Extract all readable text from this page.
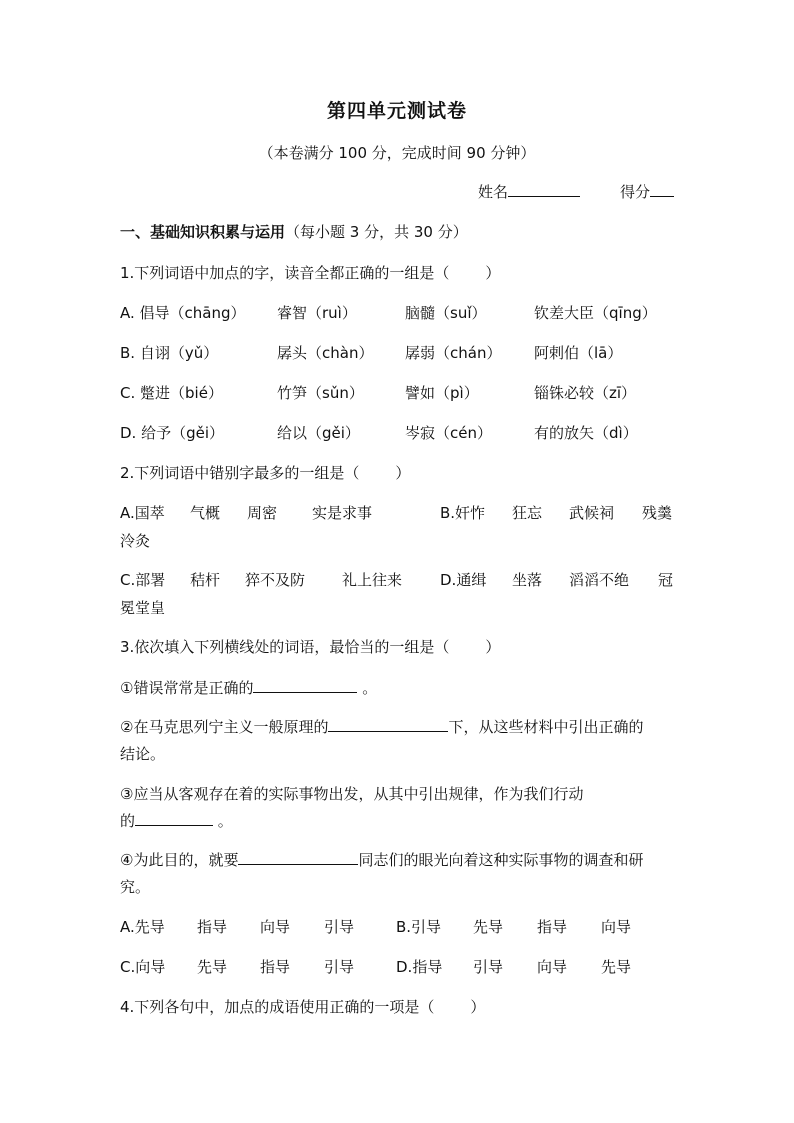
第四单元测试卷
（本卷满分 100 分，完成时间 90 分钟）
姓名	得分
一、基础知识积累与运用（每小题 3 分，共 30 分）
1.下列词语中加点的字，读音全都正确的一组是（ ）
A. 倡导（chāng）	睿智（ruì）	脑髓（suǐ）	钦差大臣（qīng）
B. 自诩（yǔ）	孱头（chàn）	孱弱（chán）	阿剌伯（lā）
C. 蹩进（bié）	竹笋（sǔn）	譬如（pì）	锱铢必较（zī）
D. 给予（gěi）	给以（gěi）	岑寂（cén）	有的放矢（dì）
2.下列词语中错别字最多的一组是（ ）
A.国萃 气概 周密 实是求事	B.奸怍 狂忘 武候祠 残羹
泠灸
C.部署 秸杆 猝不及防 礼上往来	D.通缉 坐落 滔滔不绝 冠
冕堂皇
3.依次填入下列横线处的词语，最恰当的一组是（ ）
①错误常常是正确的	。
②在马克思列宁主义一般原理的	下，从这些材料中引出正确的
结论。
③应当从客观存在着的实际事物出发，从其中引出规律，作为我们行动
的	。
④为此目的，就要	同志们的眼光向着这种实际事物的调查和研
究。
A.先导 指导 向导 引导	B.引导 先导 指导 向导
C.向导 先导 指导 引导	D.指导 引导 向导 先导
4.下列各句中，加点的成语使用正确的一项是（ ）
